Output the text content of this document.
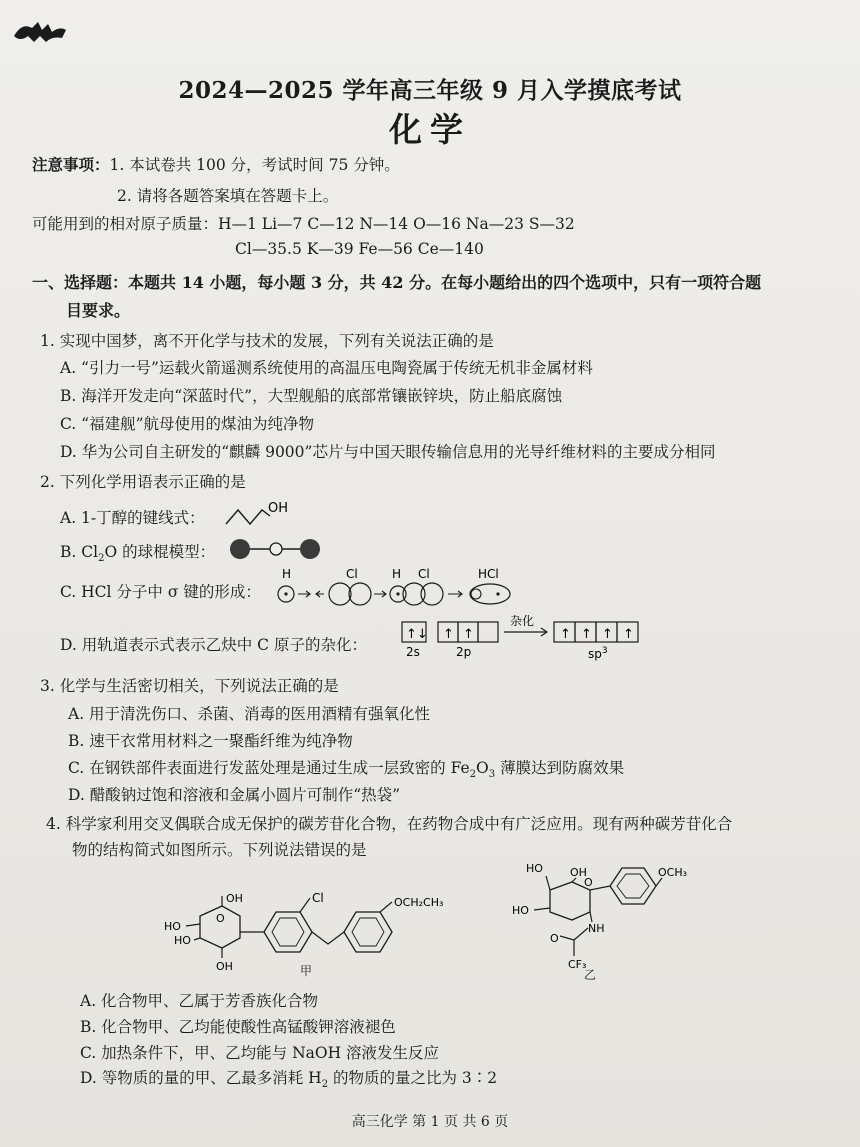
2024—2025 学年高三年级 9 月入学摸底考试
化学
注意事项：1. 本试卷共 100 分，考试时间 75 分钟。
2. 请将各题答案填在答题卡上。
可能用到的相对原子质量：H—1 Li—7 C—12 N—14 O—16 Na—23 S—32
Cl—35.5 K—39 Fe—56 Ce—140
一、选择题：本题共 14 小题，每小题 3 分，共 42 分。在每小题给出的四个选项中，只有一项符合题
目要求。
1. 实现中国梦，离不开化学与技术的发展，下列有关说法正确的是
A. “引力一号”运载火箭遥测系统使用的高温压电陶瓷属于传统无机非金属材料
B. 海洋开发走向“深蓝时代”，大型舰船的底部常镶嵌锌块，防止船底腐蚀
C. “福建舰”航母使用的煤油为纯净物
D. 华为公司自主研发的“麒麟 9000”芯片与中国天眼传输信息用的光导纤维材料的主要成分相同
2. 下列化学用语表示正确的是
A. 1-丁醇的键线式：
OH
B. $Cl_2O$ 的球棍模型：
C. HCl 分子中 σ 键的形成：
H	Cl	H Cl	HCl
D. 用轨道表示式表示乙炔中 C 原子的杂化：
↑↓ ↑ ↑
2s	2p
杂化
↑ ↑ ↑ ↑
$sp^3$
3. 化学与生活密切相关，下列说法正确的是
A. 用于清洗伤口、杀菌、消毒的医用酒精有强氧化性
B. 速干衣常用材料之一聚酯纤维为纯净物
C. 在钢铁部件表面进行发蓝处理是通过生成一层致密的 $Fe_2O_3$ 薄膜达到防腐效果
D. 醋酸钠过饱和溶液和金属小圆片可制作“热袋”
4. 科学家利用交叉偶联合成无保护的碳芳苷化合物，在药物合成中有广泛应用。现有两种碳芳苷化合
物的结构简式如图所示。下列说法错误的是
O
OH
HO
HO
OH
Cl	OCH₂CH₃
甲
HO OH
O
HO
OCH₃
NH
O
CF₃
乙
A. 化合物甲、乙属于芳香族化合物
B. 化合物甲、乙均能使酸性高锰酸钾溶液褪色
C. 加热条件下，甲、乙均能与 NaOH 溶液发生反应
D. 等物质的量的甲、乙最多消耗 $H_2$ 的物质的量之比为 3∶2
高三化学 第 1 页 共 6 页
